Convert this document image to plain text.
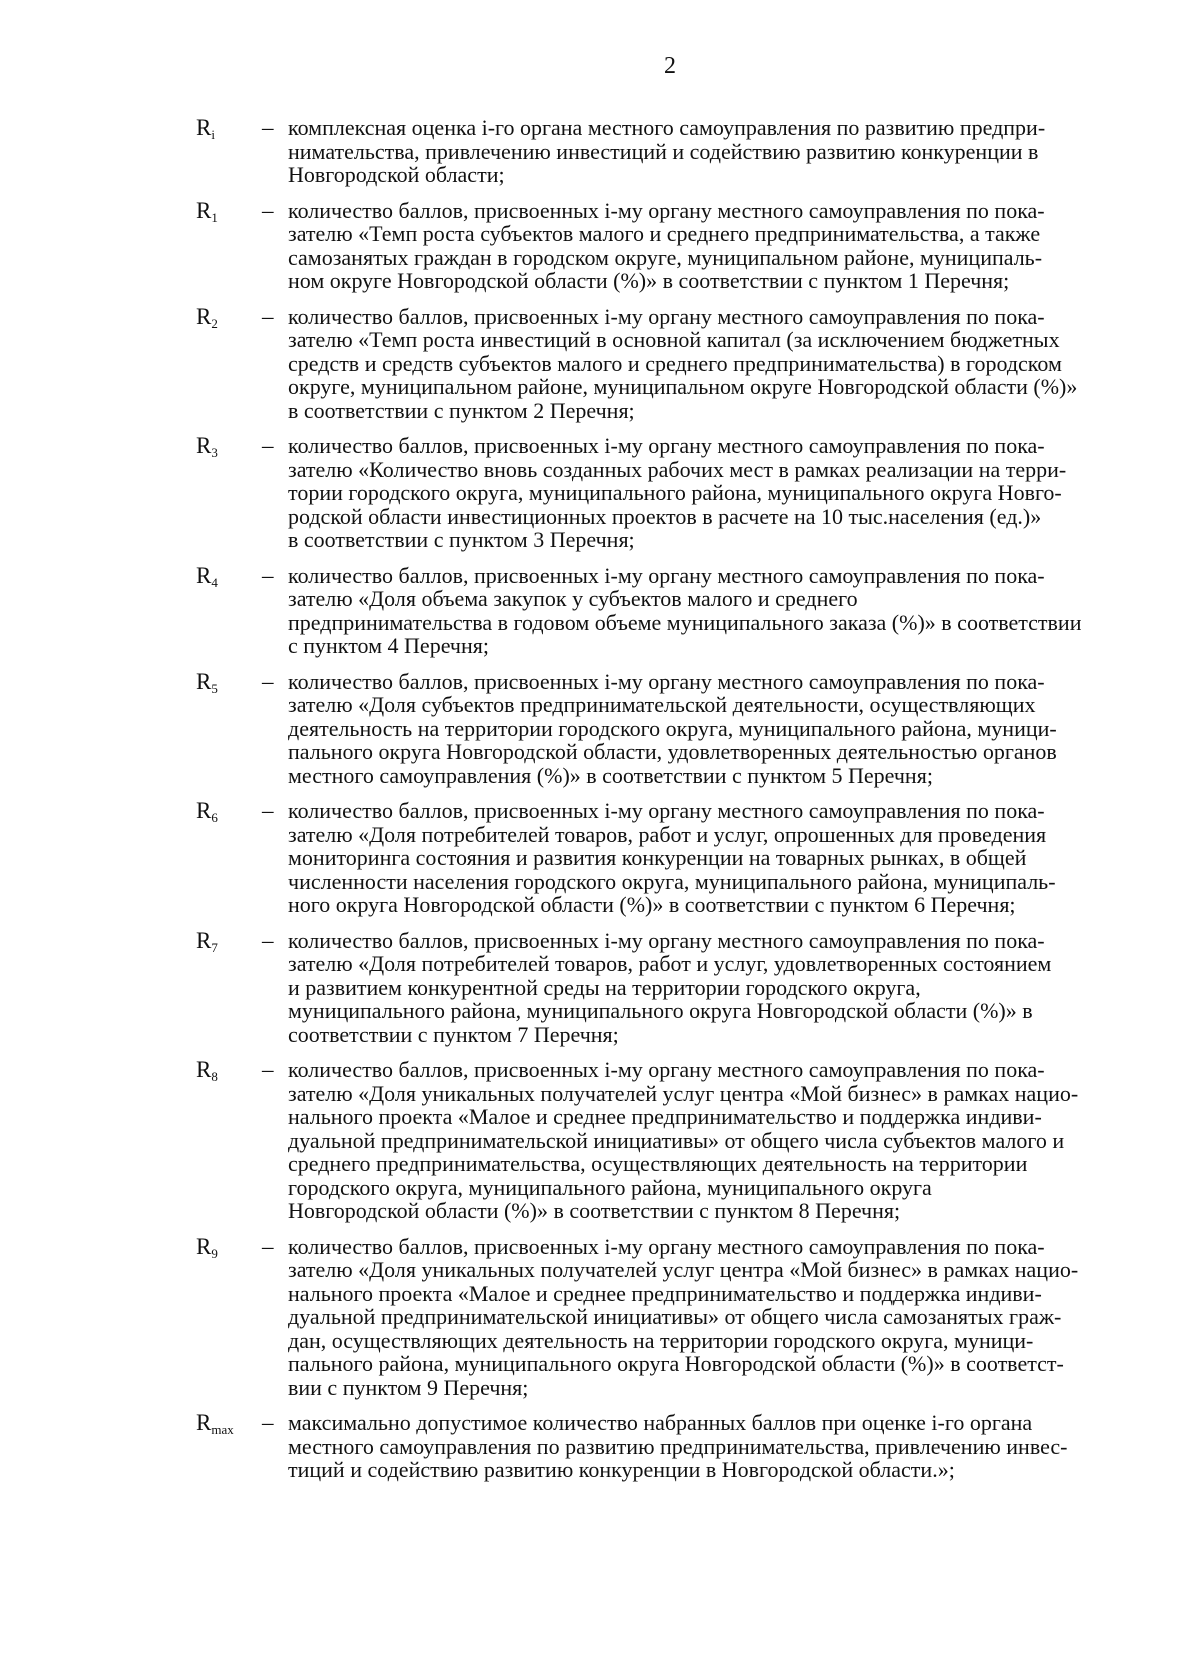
2
$R_i$	– комплексная оценка i-го органа местного самоуправления по развитию предпри-
нимательства, привлечению инвестиций и содействию развитию конкуренции в
Новгородской области;
$R_1$	– количество баллов, присвоенных i-му органу местного самоуправления по пока-
зателю «Темп роста субъектов малого и среднего предпринимательства, а также
самозанятых граждан в городском округе, муниципальном районе, муниципаль-
ном округе Новгородской области (%)» в соответствии с пунктом 1 Перечня;
$R_2$	– количество баллов, присвоенных i-му органу местного самоуправления по пока-
зателю «Темп роста инвестиций в основной капитал (за исключением бюджетных
средств и средств субъектов малого и среднего предпринимательства) в городском
округе, муниципальном районе, муниципальном округе Новгородской области (%)»
в соответствии с пунктом 2 Перечня;
$R_3$	– количество баллов, присвоенных i-му органу местного самоуправления по пока-
зателю «Количество вновь созданных рабочих мест в рамках реализации на терри-
тории городского округа, муниципального района, муниципального округа Новго-
родской области инвестиционных проектов в расчете на 10 тыс.населения (ед.)»
в соответствии с пунктом 3 Перечня;
$R_4$	– количество баллов, присвоенных i-му органу местного самоуправления по пока-
зателю «Доля объема закупок у субъектов малого и среднего
предпринимательства в годовом объеме муниципального заказа (%)» в соответствии
с пунктом 4 Перечня;
$R_5$	– количество баллов, присвоенных i-му органу местного самоуправления по пока-
зателю «Доля субъектов предпринимательской деятельности, осуществляющих
деятельность на территории городского округа, муниципального района, муници-
пального округа Новгородской области, удовлетворенных деятельностью органов
местного самоуправления (%)» в соответствии с пунктом 5 Перечня;
$R_6$	– количество баллов, присвоенных i-му органу местного самоуправления по пока-
зателю «Доля потребителей товаров, работ и услуг, опрошенных для проведения
мониторинга состояния и развития конкуренции на товарных рынках, в общей
численности населения городского округа, муниципального района, муниципаль-
ного округа Новгородской области (%)» в соответствии с пунктом 6 Перечня;
$R_7$	– количество баллов, присвоенных i-му органу местного самоуправления по пока-
зателю «Доля потребителей товаров, работ и услуг, удовлетворенных состоянием
и развитием конкурентной среды на территории городского округа,
муниципального района, муниципального округа Новгородской области (%)» в
соответствии с пунктом 7 Перечня;
$R_8$	– количество баллов, присвоенных i-му органу местного самоуправления по пока-
зателю «Доля уникальных получателей услуг центра «Мой бизнес» в рамках нацио-
нального проекта «Малое и среднее предпринимательство и поддержка индиви-
дуальной предпринимательской инициативы» от общего числа субъектов малого и
среднего предпринимательства, осуществляющих деятельность на территории
городского округа, муниципального района, муниципального округа
Новгородской области (%)» в соответствии с пунктом 8 Перечня;
$R_9$	– количество баллов, присвоенных i-му органу местного самоуправления по пока-
зателю «Доля уникальных получателей услуг центра «Мой бизнес» в рамках нацио-
нального проекта «Малое и среднее предпринимательство и поддержка индиви-
дуальной предпринимательской инициативы» от общего числа самозанятых граж-
дан, осуществляющих деятельность на территории городского округа, муници-
пального района, муниципального округа Новгородской области (%)» в соответст-
вии с пунктом 9 Перечня;
$R_{max}$	– максимально допустимое количество набранных баллов при оценке i-го органа
местного самоуправления по развитию предпринимательства, привлечению инвес-
тиций и содействию развитию конкуренции в Новгородской области.»;
